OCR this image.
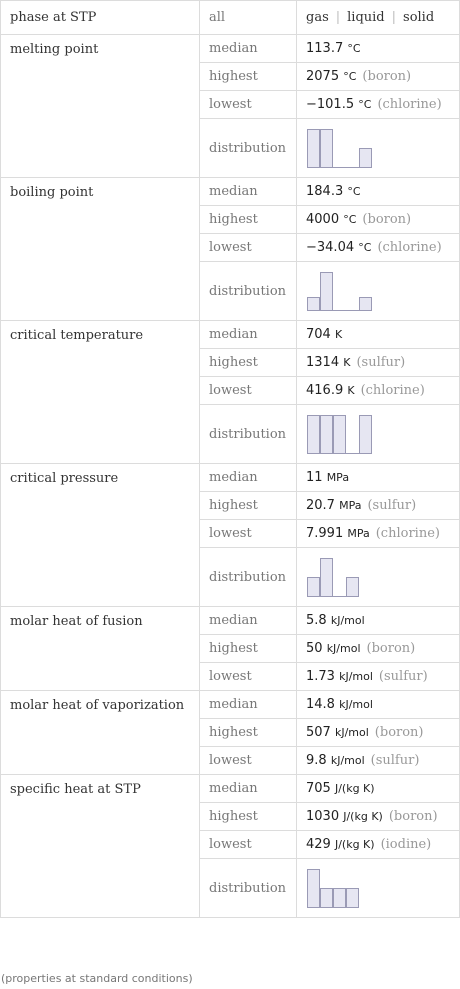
phase at STP	all	gas | liquid | solid
melting point	median	113.7 °C
	highest	2075 °C (boron)
	lowest	−101.5 °C (chlorine)
	distribution	

boiling point	median	184.3 °C
	highest	4000 °C (boron)
	lowest	−34.04 °C (chlorine)
	distribution	

critical temperature	median	704 K
	highest	1314 K (sulfur)
	lowest	416.9 K (chlorine)
	distribution	

critical pressure	median	11 MPa
	highest	20.7 MPa (sulfur)
	lowest	7.991 MPa (chlorine)
	distribution	

molar heat of fusion	median	5.8 kJ/mol
	highest	50 kJ/mol (boron)
	lowest	1.73 kJ/mol (sulfur)
molar heat of vaporization	median	14.8 kJ/mol
	highest	507 kJ/mol (boron)
	lowest	9.8 kJ/mol (sulfur)
specific heat at STP	median	705 J/(kg K)
	highest	1030 J/(kg K) (boron)
	lowest	429 J/(kg K) (iodine)
	distribution	
(properties at standard conditions)
